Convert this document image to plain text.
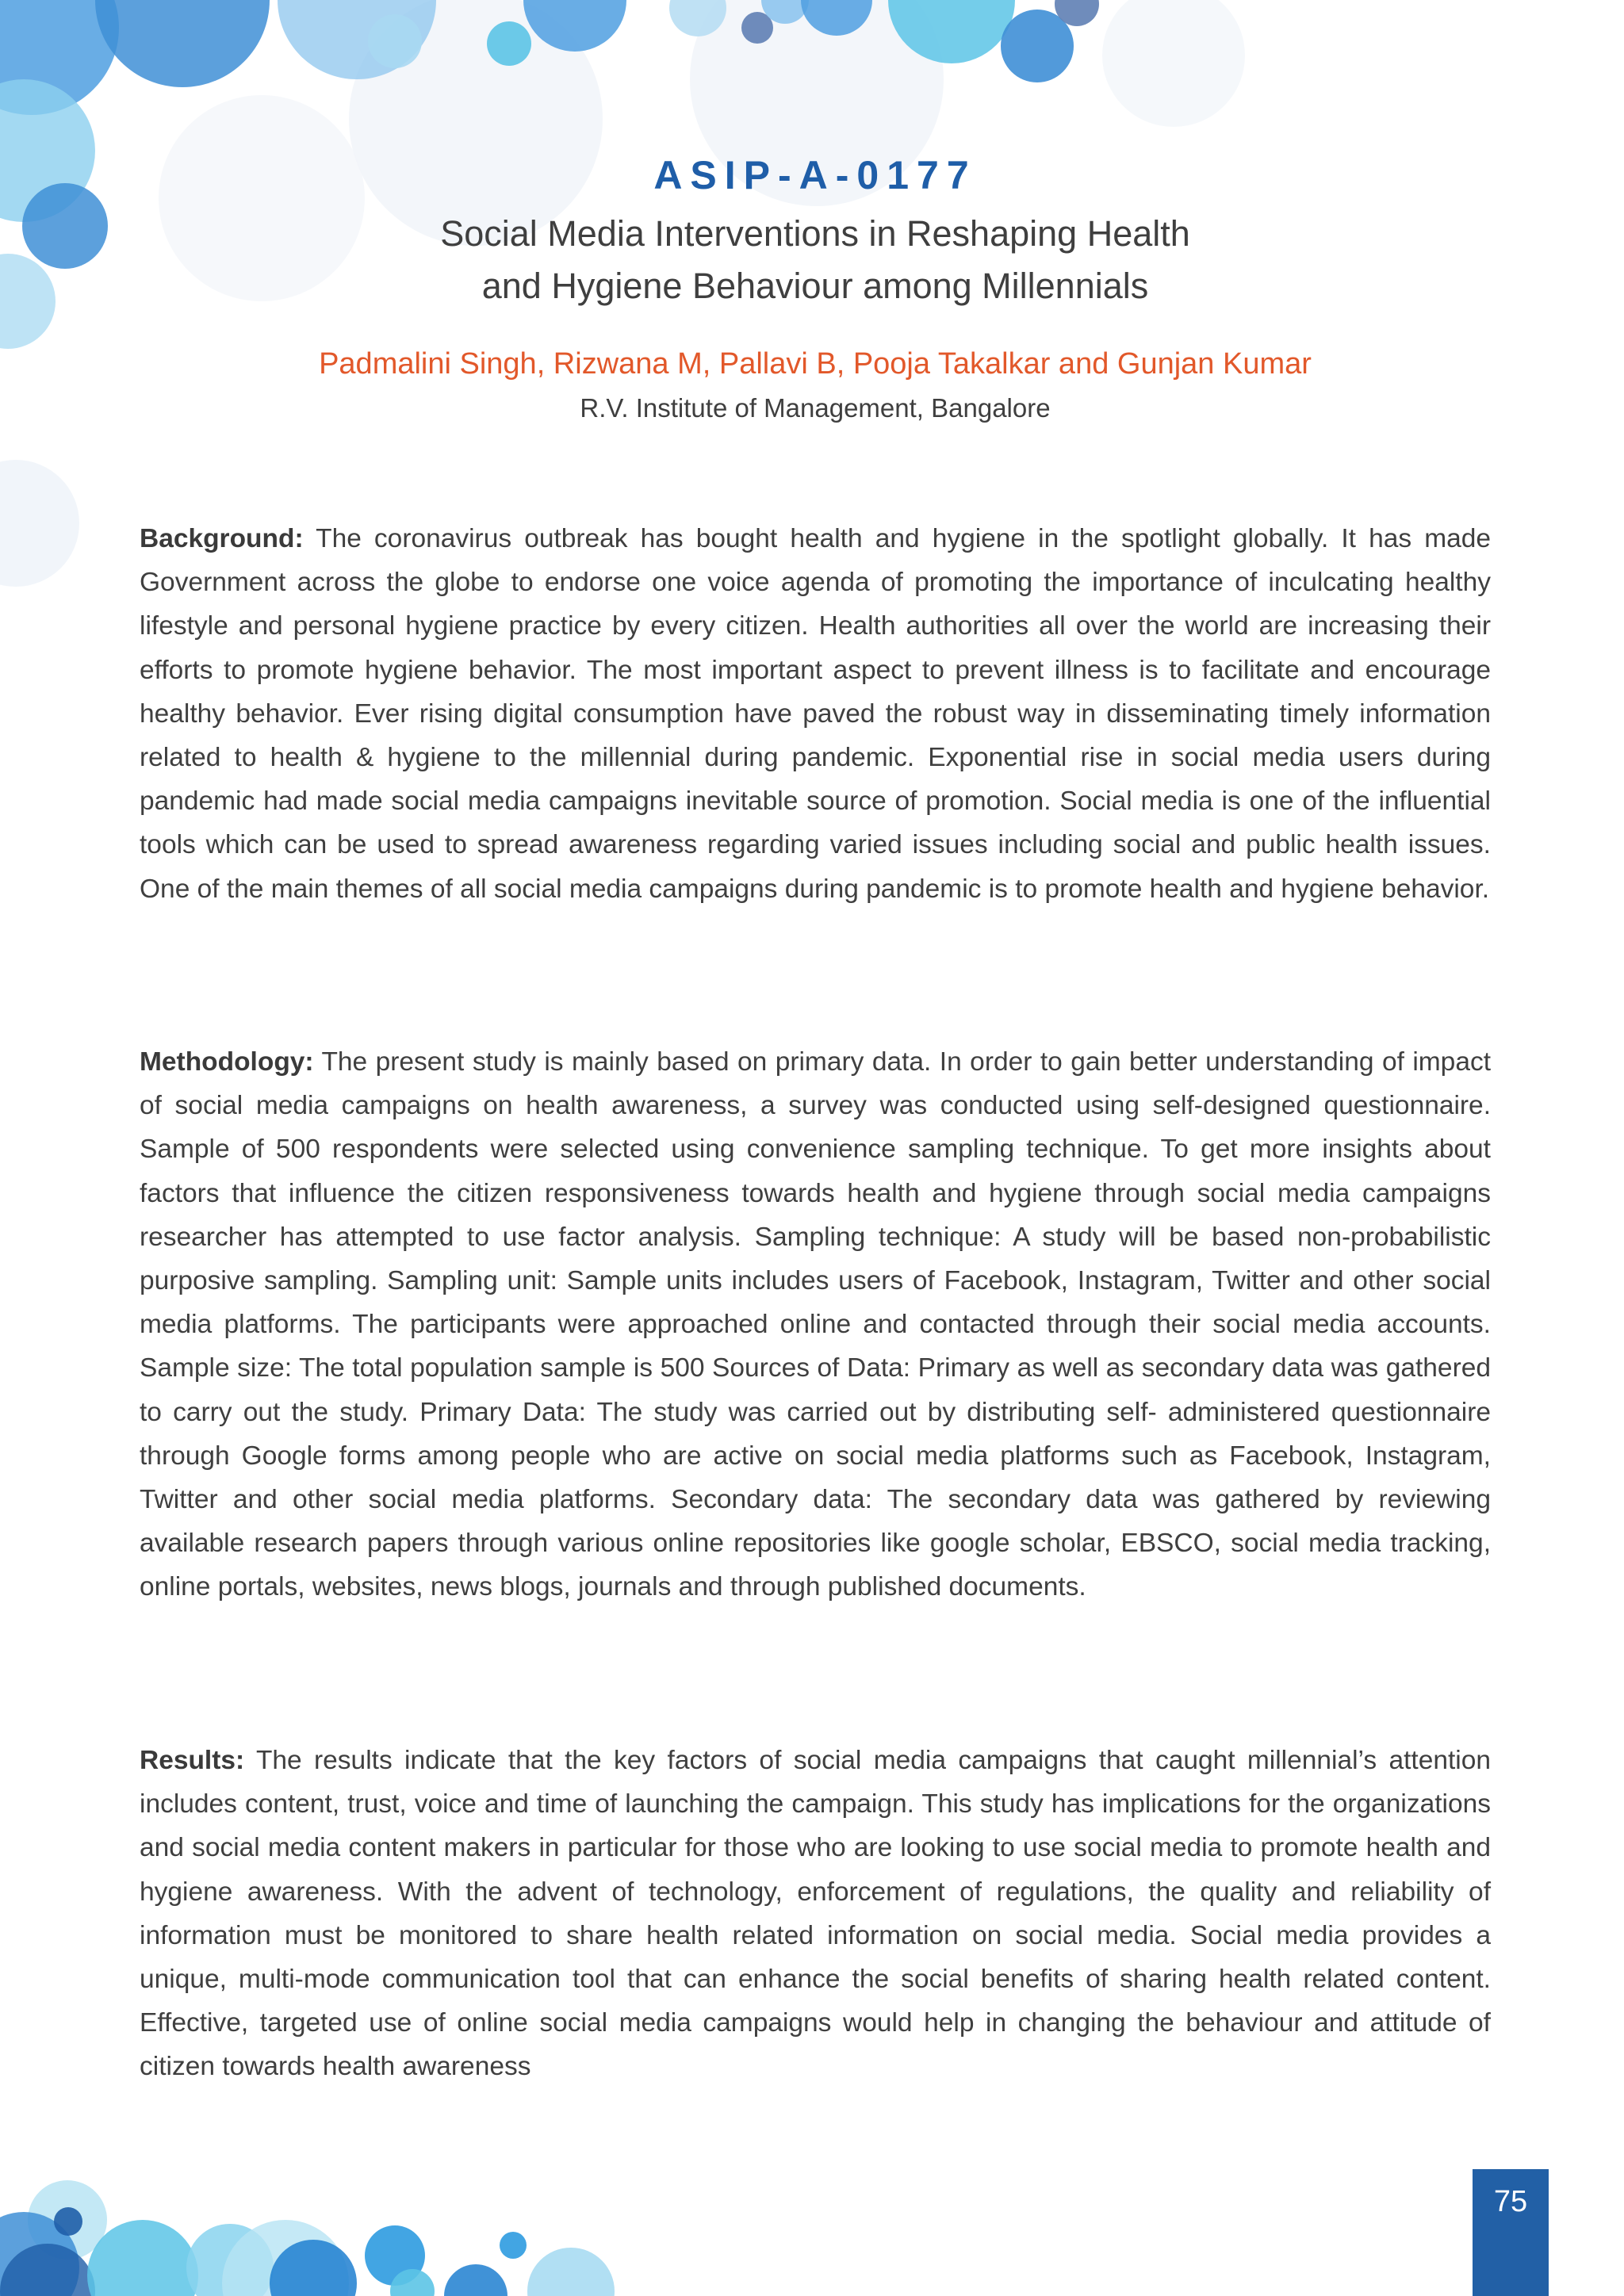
ASIP-A-0177
Social Media Interventions in Reshaping Health
and Hygiene Behaviour among Millennials
Padmalini Singh, Rizwana M, Pallavi B, Pooja Takalkar and Gunjan Kumar
R.V. Institute of Management, Bangalore

Background: The coronavirus outbreak has bought health and hygiene in the spotlight globally. It has made Government across the globe to endorse one voice agenda of promoting the importance of inculcating healthy lifestyle and personal hygiene practice by every citizen. Health authorities all over the world are increasing their efforts to promote hygiene behavior. The most important aspect to prevent illness is to facilitate and encourage healthy behavior. Ever rising digital consumption have paved the robust way in disseminating timely information related to health & hygiene to the millennial during pandemic. Exponential rise in social media users during pandemic had made social media campaigns inevitable source of promotion. Social media is one of the influential tools which can be used to spread awareness regarding varied issues including social and public health issues. One of the main themes of all social media campaigns during pandemic is to promote health and hygiene behavior.

Methodology: The present study is mainly based on primary data. In order to gain better understanding of impact of social media campaigns on health awareness, a survey was conducted using self-designed questionnaire. Sample of 500 respondents were selected using convenience sampling technique. To get more insights about factors that influence the citizen responsiveness towards health and hygiene through social media campaigns researcher has attempted to use factor analysis. Sampling technique: A study will be based non-probabilistic purposive sampling. Sampling unit: Sample units includes users of Facebook, Instagram, Twitter and other social media platforms. The participants were approached online and contacted through their social media accounts. Sample size: The total population sample is 500 Sources of Data: Primary as well as secondary data was gathered to carry out the study. Primary Data: The study was carried out by distributing self- administered questionnaire through Google forms among people who are active on social media platforms such as Facebook, Instagram, Twitter and other social media platforms. Secondary data: The secondary data was gathered by reviewing available research papers through various online repositories like google scholar, EBSCO, social media tracking, online portals, websites, news blogs, journals and through published documents.

Results: The results indicate that the key factors of social media campaigns that caught millennial’s attention includes content, trust, voice and time of launching the campaign. This study has implications for the organizations and social media content makers in particular for those who are looking to use social media to promote health and hygiene awareness. With the advent of technology, enforcement of regulations, the quality and reliability of information must be monitored to share health related information on social media. Social media provides a unique, multi-mode communication tool that can enhance the social benefits of sharing health related content. Effective, targeted use of online social media campaigns would help in changing the behaviour and attitude of citizen towards health awareness

75
